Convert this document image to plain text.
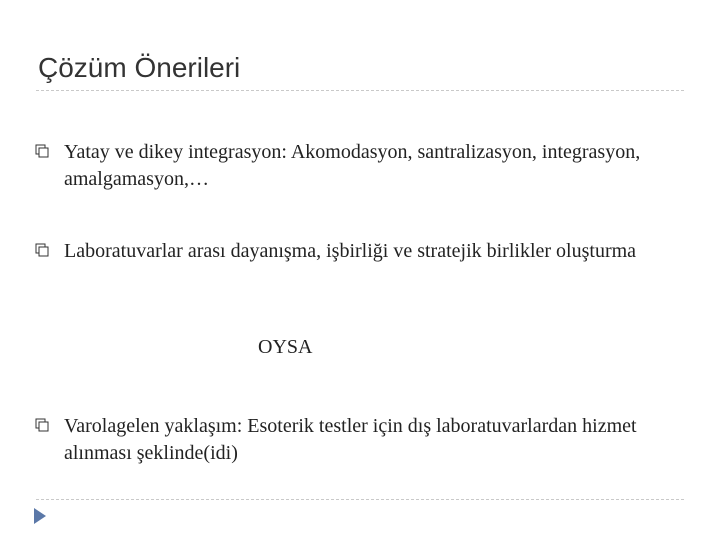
Çözüm Önerileri
Yatay ve dikey integrasyon: Akomodasyon, santralizasyon, integrasyon, amalgamasyon,…
Laboratuvarlar arası dayanışma, işbirliği ve stratejik birlikler oluşturma
OYSA
Varolagelen yaklaşım: Esoterik testler için dış laboratuvarlardan hizmet alınması şeklinde(idi)
